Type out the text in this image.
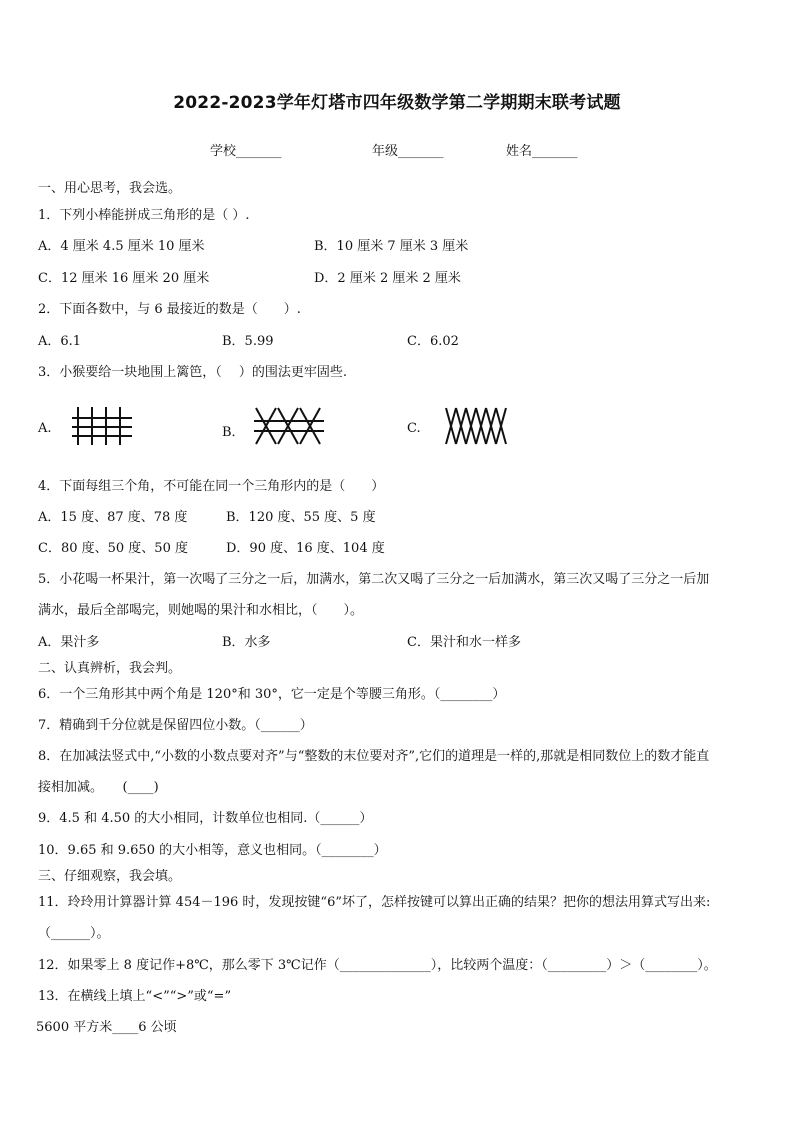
2022-2023学年灯塔市四年级数学第二学期期末联考试题
学校_______	年级_______	姓名_______
一、用心思考，我会选。
1．下列小棒能拼成三角形的是（ ）.
A．4 厘米 4.5 厘米 10 厘米	B．10 厘米 7 厘米 3 厘米
C．12 厘米 16 厘米 20 厘米	D．2 厘米 2 厘米 2 厘米
2．下面各数中，与 6 最接近的数是（　　）.
A．6.1	B．5.99	C．6.02
3．小猴要给一块地围上篱笆，（　 ）的围法更牢固些.
A.	B．	C.
4．下面每组三个角，不可能在同一个三角形内的是（　　）
A．15 度、87 度、78 度	B．120 度、55 度、5 度
C．80 度、50 度、50 度	D．90 度、16 度、104 度
5．小花喝一杯果汁，第一次喝了三分之一后，加满水，第二次又喝了三分之一后加满水，第三次又喝了三分之一后加
满水，最后全部喝完，则她喝的果汁和水相比，（　　）。
A．果汁多	B．水多	C．果汁和水一样多
二、认真辨析，我会判。
6．一个三角形其中两个角是 120°和 30°，它一定是个等腰三角形。（________）
7．精确到千分位就是保留四位小数。（______）
8．在加减法竖式中,“小数的小数点要对齐”与“整数的末位要对齐”,它们的道理是一样的,那就是相同数位上的数才能直
接相加减。　　(____)
9．4.5 和 4.50 的大小相同，计数单位也相同.（______）
10．9.65 和 9.650 的大小相等，意义也相同。（________）
三、仔细观察，我会填。
11．玲玲用计算器计算 454－196 时，发现按键“6”坏了，怎样按键可以算出正确的结果？把你的想法用算式写出来:
（______）。
12．如果零上 8 度记作+8℃，那么零下 3℃记作（______________），比较两个温度：（_________）＞（________）。
13．在横线上填上“<”“>”或“=”
5600 平方米____6 公顷
